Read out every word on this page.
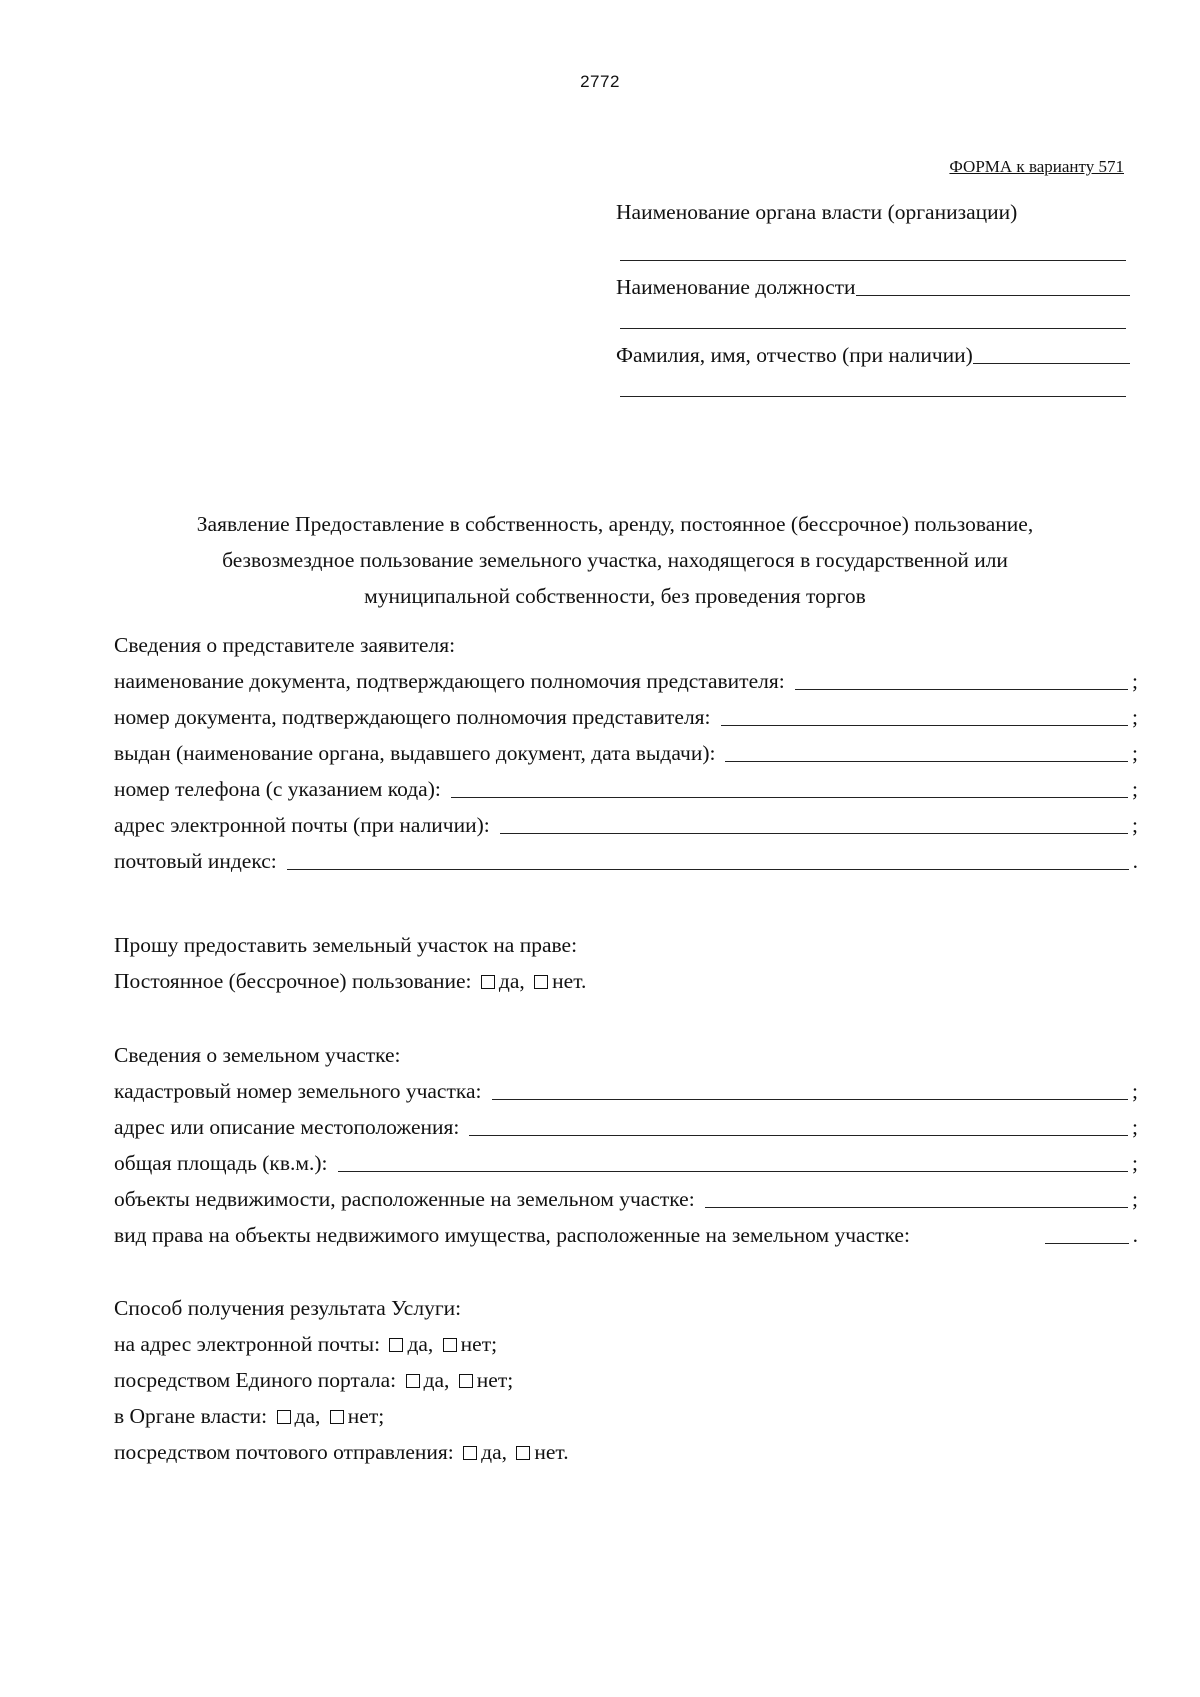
2772
ФОРМА к варианту 571
Наименование органа власти (организации)
Наименование должности
Фамилия, имя, отчество (при наличии)
Заявление Предоставление в собственность, аренду, постоянное (бессрочное) пользование,
безвозмездное пользование земельного участка, находящегося в государственной или
муниципальной собственности, без проведения торгов
Сведения о представителе заявителя:
наименование документа, подтверждающего полномочия представителя:	;
номер документа, подтверждающего полномочия представителя:	;
выдан (наименование органа, выдавшего документ, дата выдачи):	;
номер телефона (с указанием кода):	;
адрес электронной почты (при наличии):	;
почтовый индекс:	.
Прошу предоставить земельный участок на праве:
Постоянное (бессрочное) пользование: да, нет.
Сведения о земельном участке:
кадастровый номер земельного участка:	;
адрес или описание местоположения:	;
общая площадь (кв.м.):	;
объекты недвижимости, расположенные на земельном участке:	;
вид права на объекты недвижимого имущества, расположенные на земельном участке:	.
Способ получения результата Услуги:
на адрес электронной почты: да, нет;
посредством Единого портала: да, нет;
в Органе власти: да, нет;
посредством почтового отправления: да, нет.
